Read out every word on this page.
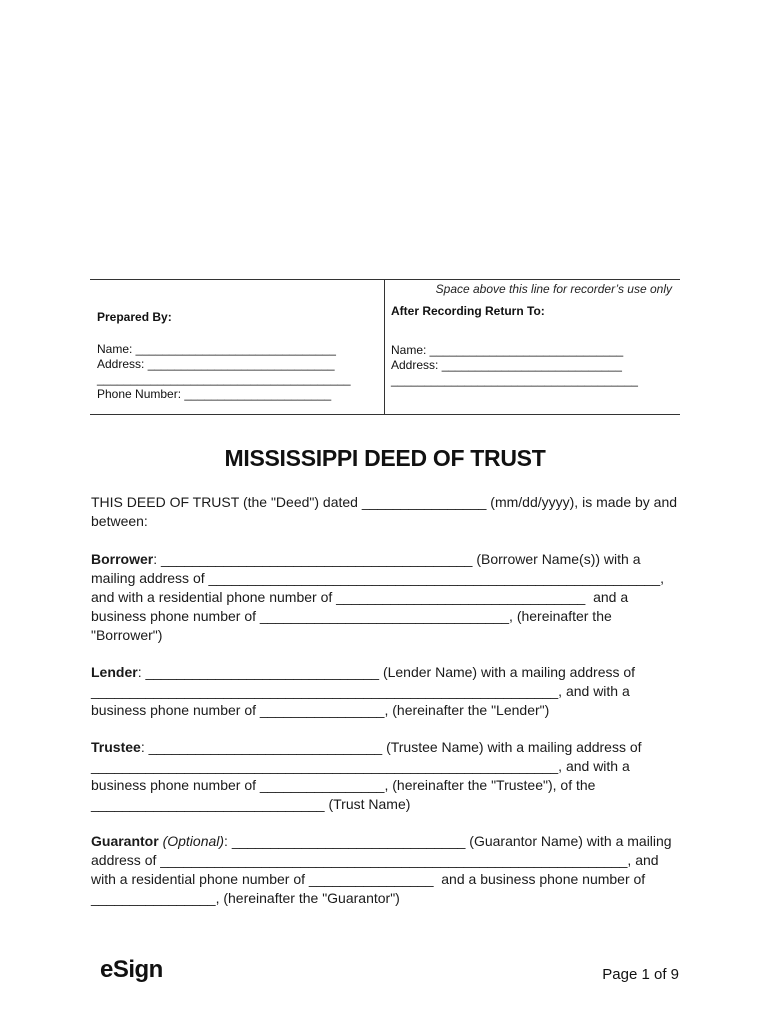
Space above this line for recorder’s use only
Prepared By:
Name: ______________________________
Address: ____________________________
______________________________________
Phone Number: ______________________
After Recording Return To:
Name: _____________________________
Address: ___________________________
_____________________________________
MISSISSIPPI DEED OF TRUST
THIS DEED OF TRUST (the "Deed") dated ________________ (mm/dd/yyyy), is made by and
between:
Borrower: ________________________________________ (Borrower Name(s)) with a
mailing address of __________________________________________________________,
and with a residential phone number of ________________________________  and a
business phone number of ________________________________, (hereinafter the
"Borrower")
Lender: ______________________________ (Lender Name) with a mailing address of
____________________________________________________________, and with a
business phone number of ________________, (hereinafter the "Lender")
Trustee: ______________________________ (Trustee Name) with a mailing address of
____________________________________________________________, and with a
business phone number of ________________, (hereinafter the "Trustee"), of the
______________________________ (Trust Name)
Guarantor (Optional): ______________________________ (Guarantor Name) with a mailing
address of ____________________________________________________________, and
with a residential phone number of ________________  and a business phone number of
________________, (hereinafter the "Guarantor")
eSign	Page 1 of 9
